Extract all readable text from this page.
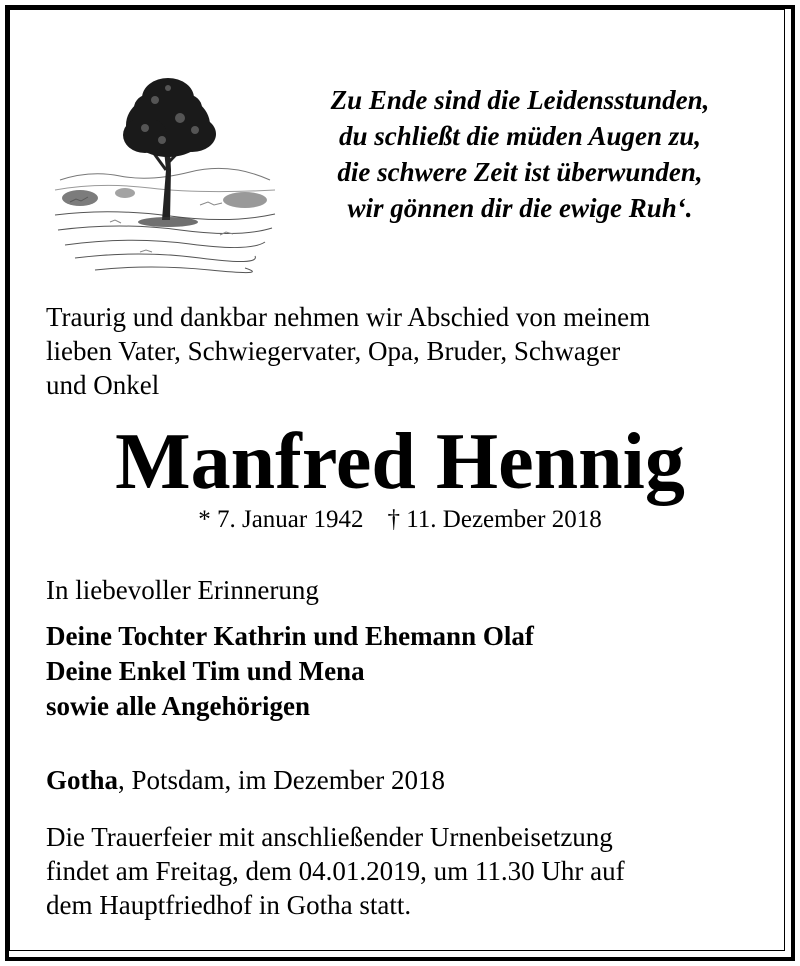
Zu Ende sind die Leidensstunden,
du schließt die müden Augen zu,
die schwere Zeit ist überwunden,
wir gönnen dir die ewige Ruh‘.
Traurig und dankbar nehmen wir Abschied von meinem
lieben Vater, Schwiegervater, Opa, Bruder, Schwager
und Onkel
Manfred Hennig
* 7. Januar 1942 † 11. Dezember 2018
In liebevoller Erinnerung
Deine Tochter Kathrin und Ehemann Olaf
Deine Enkel Tim und Mena
sowie alle Angehörigen
Gotha, Potsdam, im Dezember 2018
Die Trauerfeier mit anschließender Urnenbeisetzung
findet am Freitag, dem 04.01.2019, um 11.30 Uhr auf
dem Hauptfriedhof in Gotha statt.
